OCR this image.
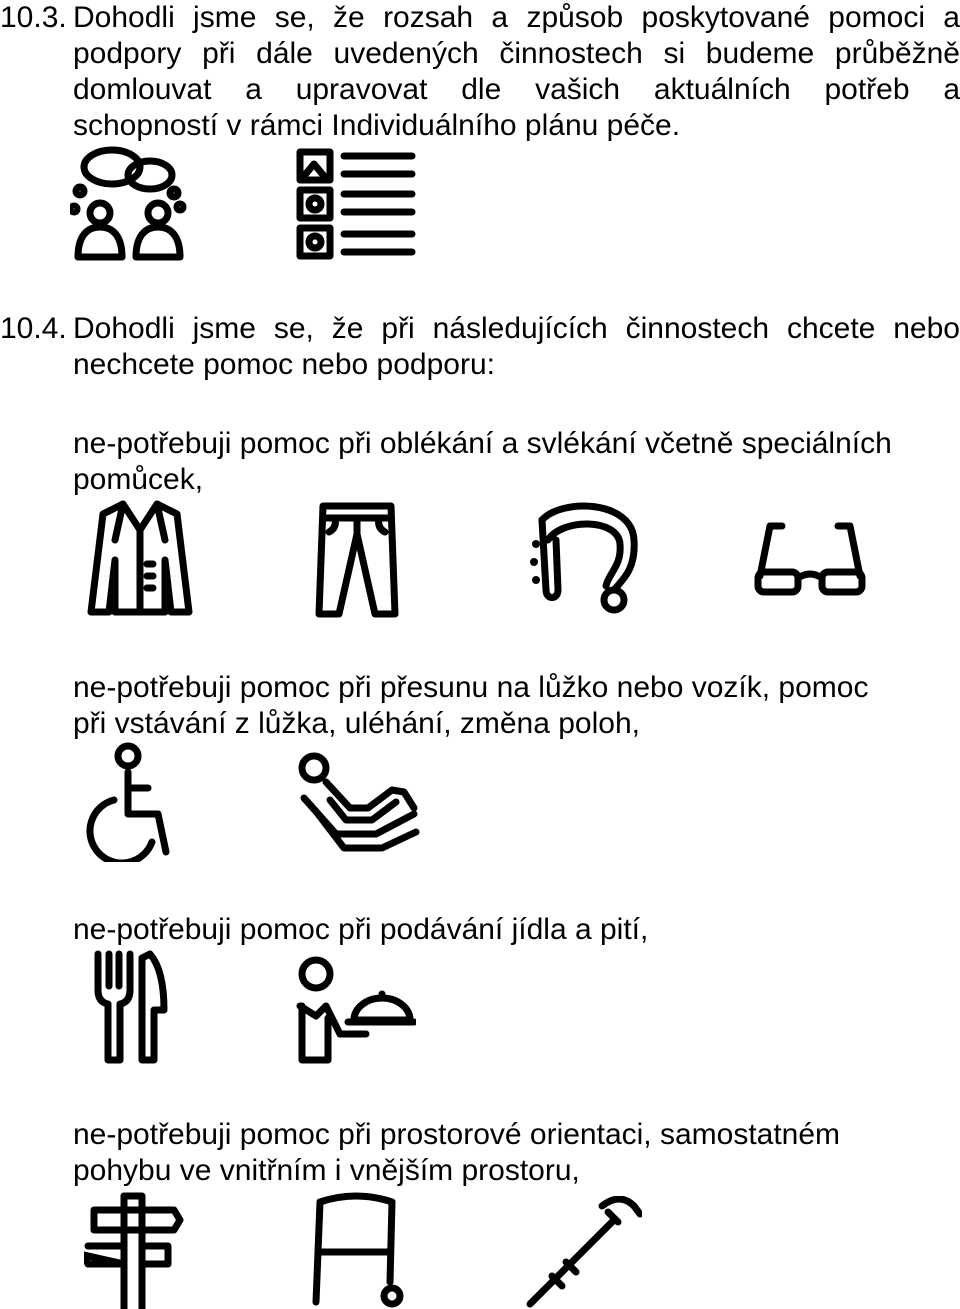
10.3. Dohodli jsme se, že rozsah a způsob poskytované pomoci a
podpory při dále uvedených činnostech si budeme průběžně
domlouvat a upravovat dle vašich aktuálních potřeb a
schopností v rámci Individuálního plánu péče.
10.4. Dohodli jsme se, že při následujících činnostech chcete nebo
nechcete pomoc nebo podporu:
ne-potřebuji pomoc při oblékání a svlékání včetně speciálních
pomůcek,
ne-potřebuji pomoc při přesunu na lůžko nebo vozík, pomoc
při vstávání z lůžka, uléhání, změna poloh,
ne-potřebuji pomoc při podávání jídla a pití,
ne-potřebuji pomoc při prostorové orientaci, samostatném
pohybu ve vnitřním i vnějším prostoru,
